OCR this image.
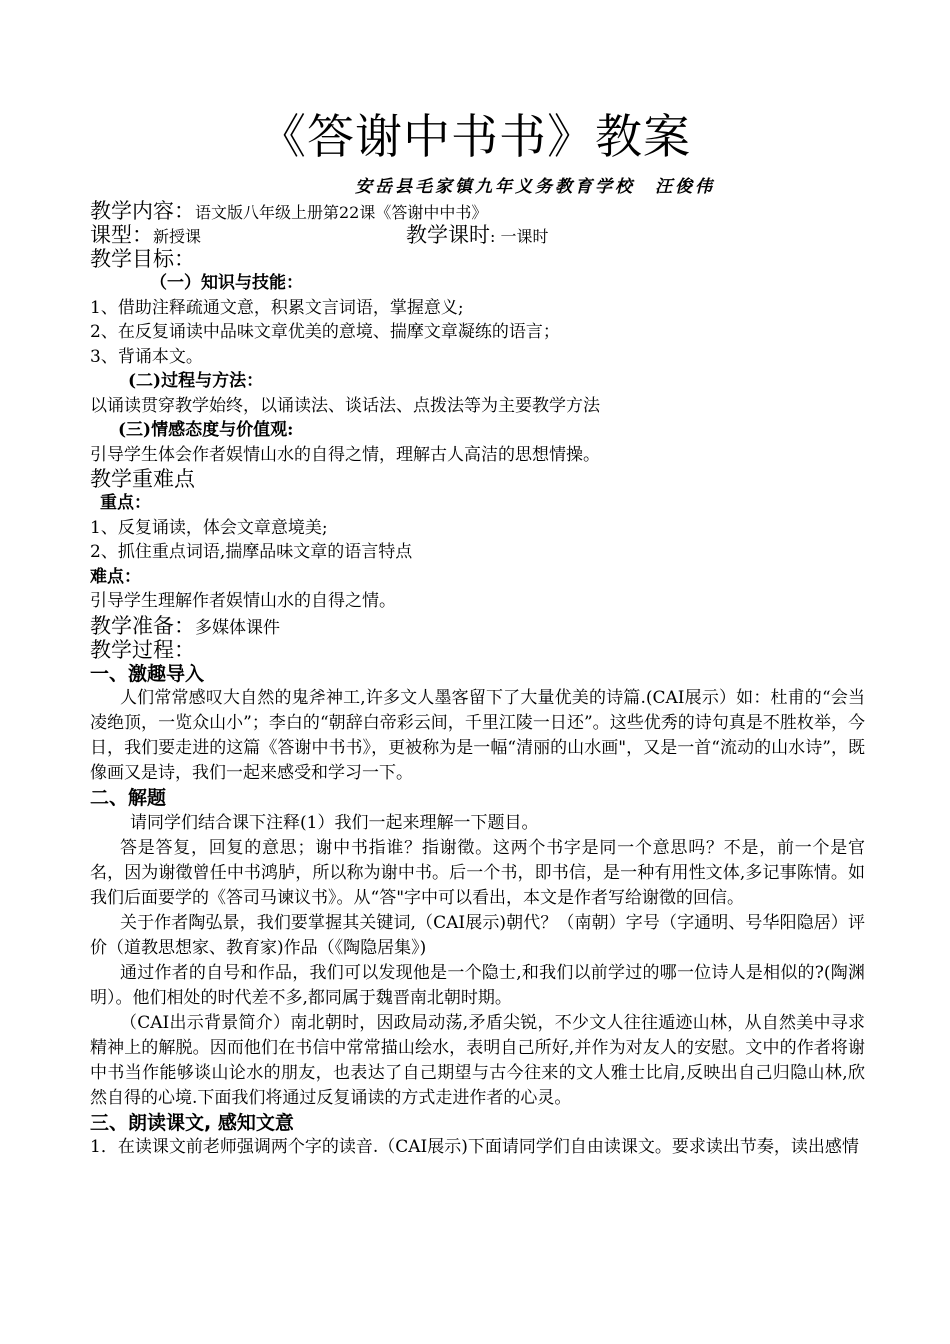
《答谢中书书》教案
安岳县毛家镇九年义务教育学校　汪俊伟

教学内容：语文版八年级上册第22课《答谢中中书》

课型：新授课	教学课时: 一课时

教学目标：

（一）知识与技能：

1、借助注释疏通文意，积累文言词语，掌握意义;

2、在反复诵读中品味文章优美的意境、揣摩文章凝练的语言；

3、背诵本文。

(二)过程与方法：

以诵读贯穿教学始终，以诵读法、谈话法、点拨法等为主要教学方法

(三)情感态度与价值观:

引导学生体会作者娱情山水的自得之情，理解古人高洁的思想情操。

教学重难点

重点：

1、反复诵读，体会文章意境美;

2、抓住重点词语,揣摩品味文章的语言特点

难点：

引导学生理解作者娱情山水的自得之情。

教学准备：多媒体课件

教学过程：

一、激趣导入

人们常常感叹大自然的鬼斧神工,许多文人墨客留下了大量优美的诗篇.(CAI展示）如：杜甫的“会当凌绝顶，一览众山小”；李白的“朝辞白帝彩云间，千里江陵一日还”。这些优秀的诗句真是不胜枚举，今日，我们要走进的这篇《答谢中书书》，更被称为是一幅“清丽的山水画"，又是一首“流动的山水诗”，既像画又是诗，我们一起来感受和学习一下。

二、解题

请同学们结合课下注释(1）我们一起来理解一下题目。

答是答复，回复的意思；谢中书指谁？指谢徵。这两个书字是同一个意思吗？不是，前一个是官名，因为谢徵曾任中书鸿胪，所以称为谢中书。后一个书，即书信，是一种有用性文体,多记事陈情。如我们后面要学的《答司马谏议书》。从“答"字中可以看出，本文是作者写给谢徵的回信。

关于作者陶弘景，我们要掌握其关键词,（CAI展示)朝代？（南朝）字号（字通明、号华阳隐居）评价（道教思想家、教育家)作品（《陶隐居集》)

通过作者的自号和作品，我们可以发现他是一个隐士,和我们以前学过的哪一位诗人是相似的?(陶渊明）。他们相处的时代差不多,都同属于魏晋南北朝时期。

（CAI出示背景简介）南北朝时，因政局动荡,矛盾尖锐，不少文人往往遁迹山林，从自然美中寻求精神上的解脱。因而他们在书信中常常描山绘水，表明自己所好,并作为对友人的安慰。文中的作者将谢中书当作能够谈山论水的朋友，也表达了自己期望与古今往来的文人雅士比肩,反映出自己归隐山林,欣然自得的心境.下面我们将通过反复诵读的方式走进作者的心灵。

三、朗读课文, 感知文意

1．在读课文前老师强调两个字的读音.（CAI展示)下面请同学们自由读课文。要求读出节奏，读出感情
